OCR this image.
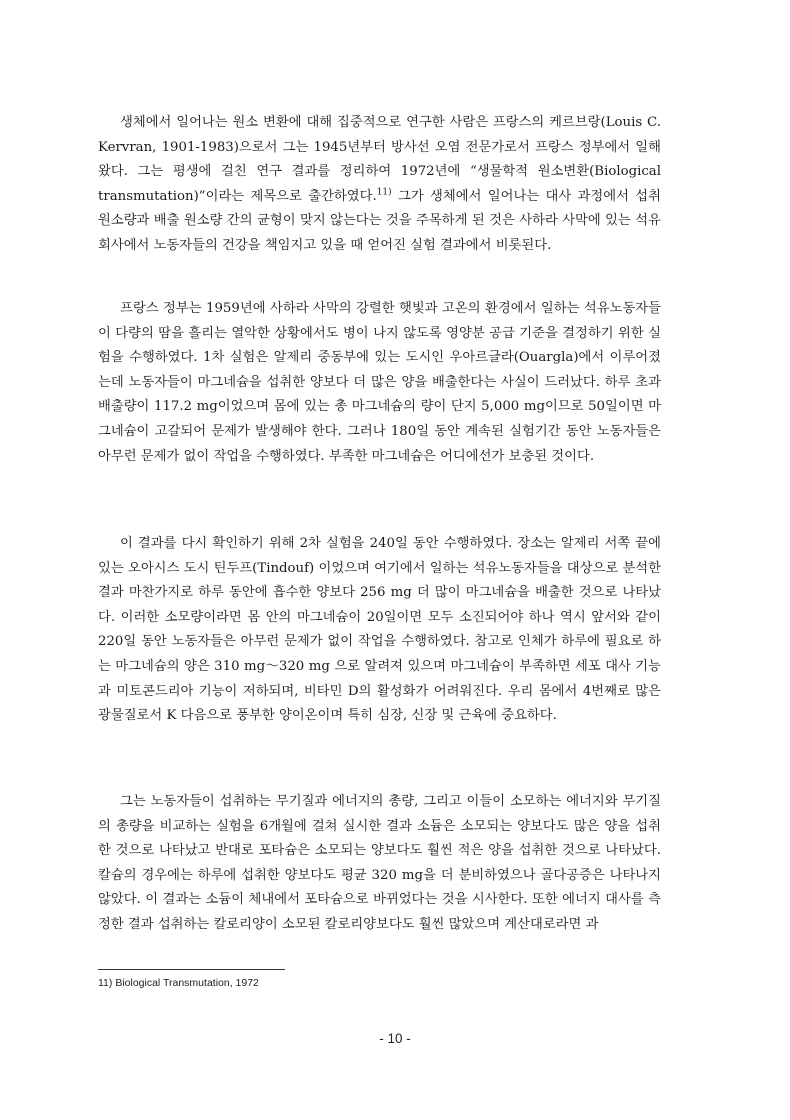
생체에서 일어나는 원소 변환에 대해 집중적으로 연구한 사람은 프랑스의 케르브랑(Louis C. Kervran, 1901-1983)으로서 그는 1945년부터 방사선 오염 전문가로서 프랑스 정부에서 일해 왔다. 그는 평생에 걸친 연구 결과를 정리하여 1972년에 “생물학적 원소변환(Biological transmutation)”이라는 제목으로 출간하였다.$^{11)}$ 그가 생체에서 일어나는 대사 과정에서 섭취 원소량과 배출 원소량 간의 균형이 맞지 않는다는 것을 주목하게 된 것은 사하라 사막에 있는 석유회사에서 노동자들의 건강을 책임지고 있을 때 얻어진 실험 결과에서 비롯된다.

프랑스 정부는 1959년에 사하라 사막의 강렬한 햇빛과 고온의 환경에서 일하는 석유노동자들이 다량의 땀을 흘리는 열악한 상황에서도 병이 나지 않도록 영양분 공급 기준을 결정하기 위한 실험을 수행하였다. 1차 실험은 알제리 중동부에 있는 도시인 우아르글라(Ouargla)에서 이루어졌는데 노동자들이 마그네슘을 섭취한 양보다 더 많은 양을 배출한다는 사실이 드러났다. 하루 초과 배출량이 117.2 mg이었으며 몸에 있는 총 마그네슘의 량이 단지 5,000 mg이므로 50일이면 마그네슘이 고갈되어 문제가 발생해야 한다. 그러나 180일 동안 계속된 실험기간 동안 노동자들은 아무런 문제가 없이 작업을 수행하였다. 부족한 마그네슘은 어디에선가 보충된 것이다.

이 결과를 다시 확인하기 위해 2차 실험을 240일 동안 수행하였다. 장소는 알제리 서쪽 끝에 있는 오아시스 도시 틴두프(Tindouf) 이었으며 여기에서 일하는 석유노동자들을 대상으로 분석한 결과 마찬가지로 하루 동안에 흡수한 양보다 256 mg 더 많이 마그네슘을 배출한 것으로 나타났다. 이러한 소모량이라면 몸 안의 마그네슘이 20일이면 모두 소진되어야 하나 역시 앞서와 같이 220일 동안 노동자들은 아무런 문제가 없이 작업을 수행하였다. 참고로 인체가 하루에 필요로 하는 마그네슘의 양은 310 mg～320 mg 으로 알려져 있으며 마그네슘이 부족하면 세포 대사 기능과 미토콘드리아 기능이 저하되며, 비타민 D의 활성화가 어려워진다. 우리 몸에서 4번째로 많은 광물질로서 K 다음으로 풍부한 양이온이며 특히 심장, 신장 및 근육에 중요하다.

그는 노동자들이 섭취하는 무기질과 에너지의 총량, 그리고 이들이 소모하는 에너지와 무기질의 총량을 비교하는 실험을 6개월에 걸쳐 실시한 결과 소듐은 소모되는 양보다도 많은 양을 섭취한 것으로 나타났고 반대로 포타슘은 소모되는 양보다도 훨씬 적은 양을 섭취한 것으로 나타났다. 칼슘의 경우에는 하루에 섭취한 양보다도 평균 320 mg을 더 분비하였으나 골다공증은 나타나지 않았다. 이 결과는 소듐이 체내에서 포타슘으로 바뀌었다는 것을 시사한다. 또한 에너지 대사를 측정한 결과 섭취하는 칼로리양이 소모된 칼로리양보다도 훨씬 많았으며 계산대로라면 과

11) Biological Transmutation, 1972

- 10 -
